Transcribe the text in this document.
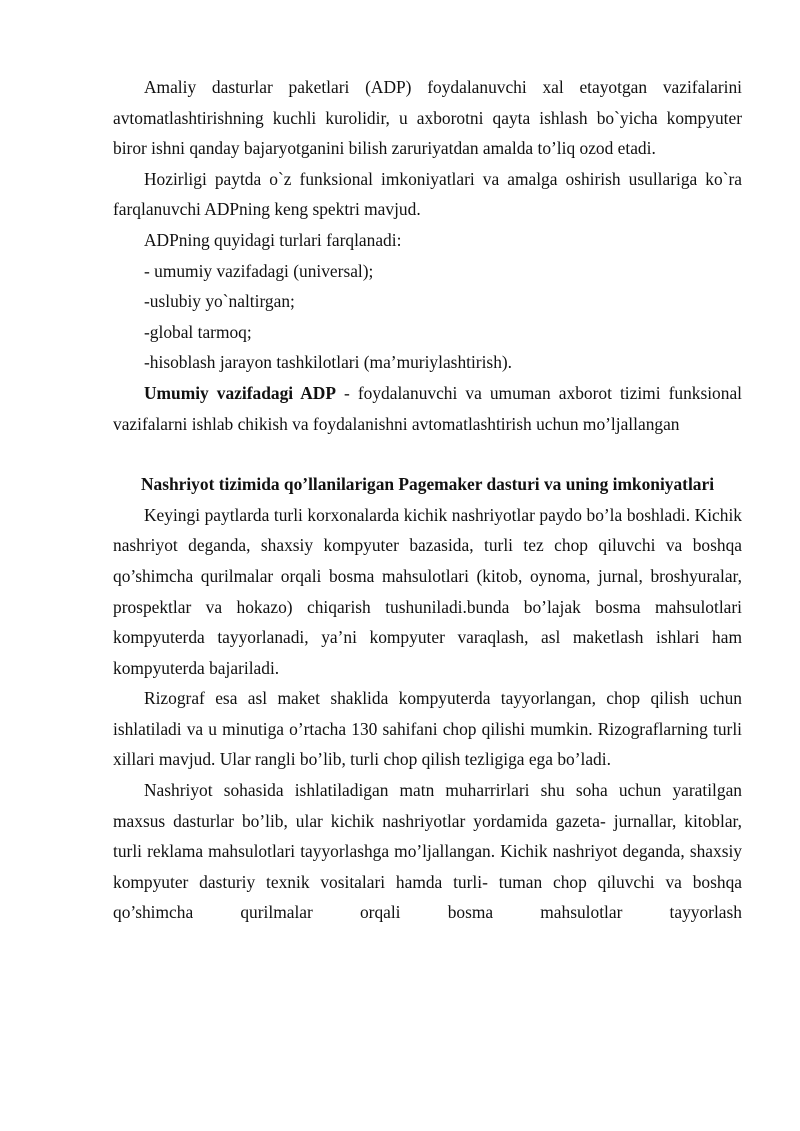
Amaliy dasturlar paketlari (ADP) foydalanuvchi xal etayotgan vazifalarini avtomatlashtirishning kuchli kurolidir, u axborotni qayta ishlash bo`yicha kompyuter biror ishni qanday bajaryotganini bilish zaruriyatdan amalda to’liq ozod etadi.

Hozirligi paytda o`z funksional imkoniyatlari va amalga oshirish usullariga ko`ra farqlanuvchi ADPning keng spektri mavjud.

ADPning quyidagi turlari farqlanadi:

- umumiy vazifadagi (universal);

-uslubiy yo`naltirgan;

-global tarmoq;

-hisoblash jarayon tashkilotlari (ma’muriylashtirish).

Umumiy vazifadagi ADP - foydalanuvchi va umuman axborot tizimi funksional vazifalarni ishlab chikish va foydalanishni avtomatlashtirish uchun mo’ljallangan

Nashriyot tizimida qo’llanilarigan Pagemaker dasturi va uning imkoniyatlari

Keyingi paytlarda turli korxonalarda kichik nashriyotlar paydo bo’la boshladi. Kichik nashriyot deganda, shaxsiy kompyuter bazasida, turli tez chop qiluvchi va boshqa qo’shimcha qurilmalar orqali bosma mahsulotlari (kitob, oynoma, jurnal, broshyuralar, prospektlar va hokazo) chiqarish tushuniladi.bunda bo’lajak bosma mahsulotlari kompyuterda tayyorlanadi, ya’ni kompyuter varaqlash, asl maketlash ishlari ham kompyuterda bajariladi.

Rizograf esa asl maket shaklida kompyuterda tayyorlangan, chop qilish uchun ishlatiladi va u minutiga o’rtacha 130 sahifani chop qilishi mumkin. Rizograflarning turli xillari mavjud. Ular rangli bo’lib, turli chop qilish tezligiga ega bo’ladi.

Nashriyot sohasida ishlatiladigan matn muharrirlari shu soha uchun yaratilgan maxsus dasturlar bo’lib, ular kichik nashriyotlar yordamida gazeta- jurnallar, kitoblar, turli reklama mahsulotlari tayyorlashga mo’ljallangan. Kichik nashriyot deganda, shaxsiy kompyuter dasturiy texnik vositalari hamda turli- tuman chop qiluvchi va boshqa qo’shimcha qurilmalar orqali bosma mahsulotlar tayyorlash
